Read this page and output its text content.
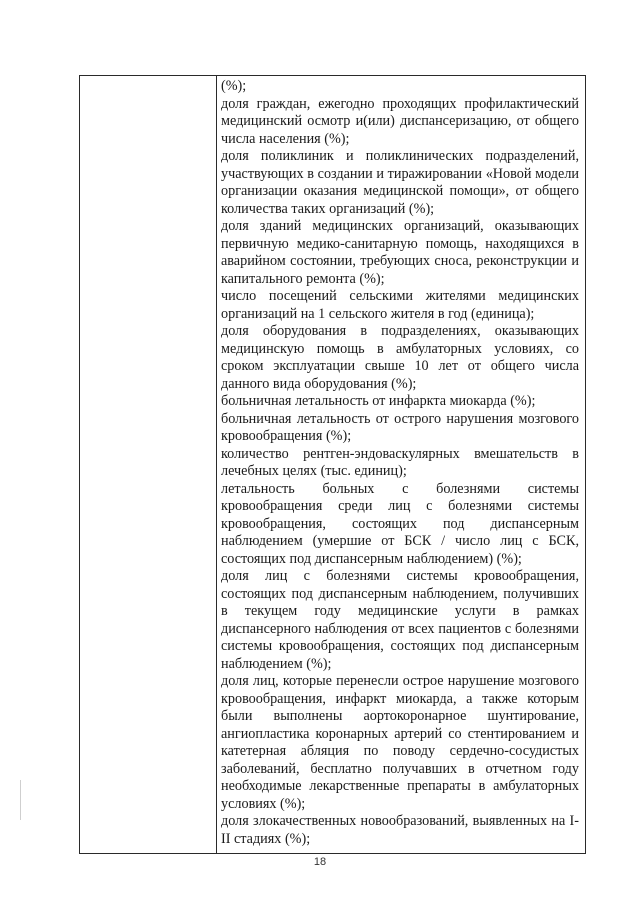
(%);

доля граждан, ежегодно проходящих профилактический медицинский осмотр и(или) диспансеризацию, от общего числа населения (%);

доля поликлиник и поликлинических подразделений, участвующих в создании и тиражировании «Новой модели организации оказания медицинской помощи», от общего количества таких организаций (%);

доля зданий медицинских организаций, оказывающих первичную медико-санитарную помощь, находящихся в аварийном состоянии, требующих сноса, реконструкции и капитального ремонта (%);

число посещений сельскими жителями медицинских организаций на 1 сельского жителя в год (единица);

доля оборудования в подразделениях, оказывающих медицинскую помощь в амбулаторных условиях, со сроком эксплуатации свыше 10 лет от общего числа данного вида оборудования (%);

больничная летальность от инфаркта миокарда (%);

больничная летальность от острого нарушения мозгового кровообращения (%);

количество рентген-эндоваскулярных вмешательств в лечебных целях (тыс. единиц);

летальность больных с болезнями системы кровообращения среди лиц с болезнями системы кровообращения, состоящих под диспансерным наблюдением (умершие от БСК / число лиц с БСК, состоящих под диспансерным наблюдением) (%);

доля лиц с болезнями системы кровообращения, состоящих под диспансерным наблюдением, получивших в текущем году медицинские услуги в рамках диспансерного наблюдения от всех пациентов с болезнями системы кровообращения, состоящих под диспансерным наблюдением (%);

доля лиц, которые перенесли острое нарушение мозгового кровообращения, инфаркт миокарда, а также которым были выполнены аортокоронарное шунтирование, ангиопластика коронарных артерий со стентированием и катетерная абляция по поводу сердечно-сосудистых заболеваний, бесплатно получавших в отчетном году необходимые лекарственные препараты в амбулаторных условиях (%);

доля злокачественных новообразований, выявленных на I-II стадиях (%);

18
